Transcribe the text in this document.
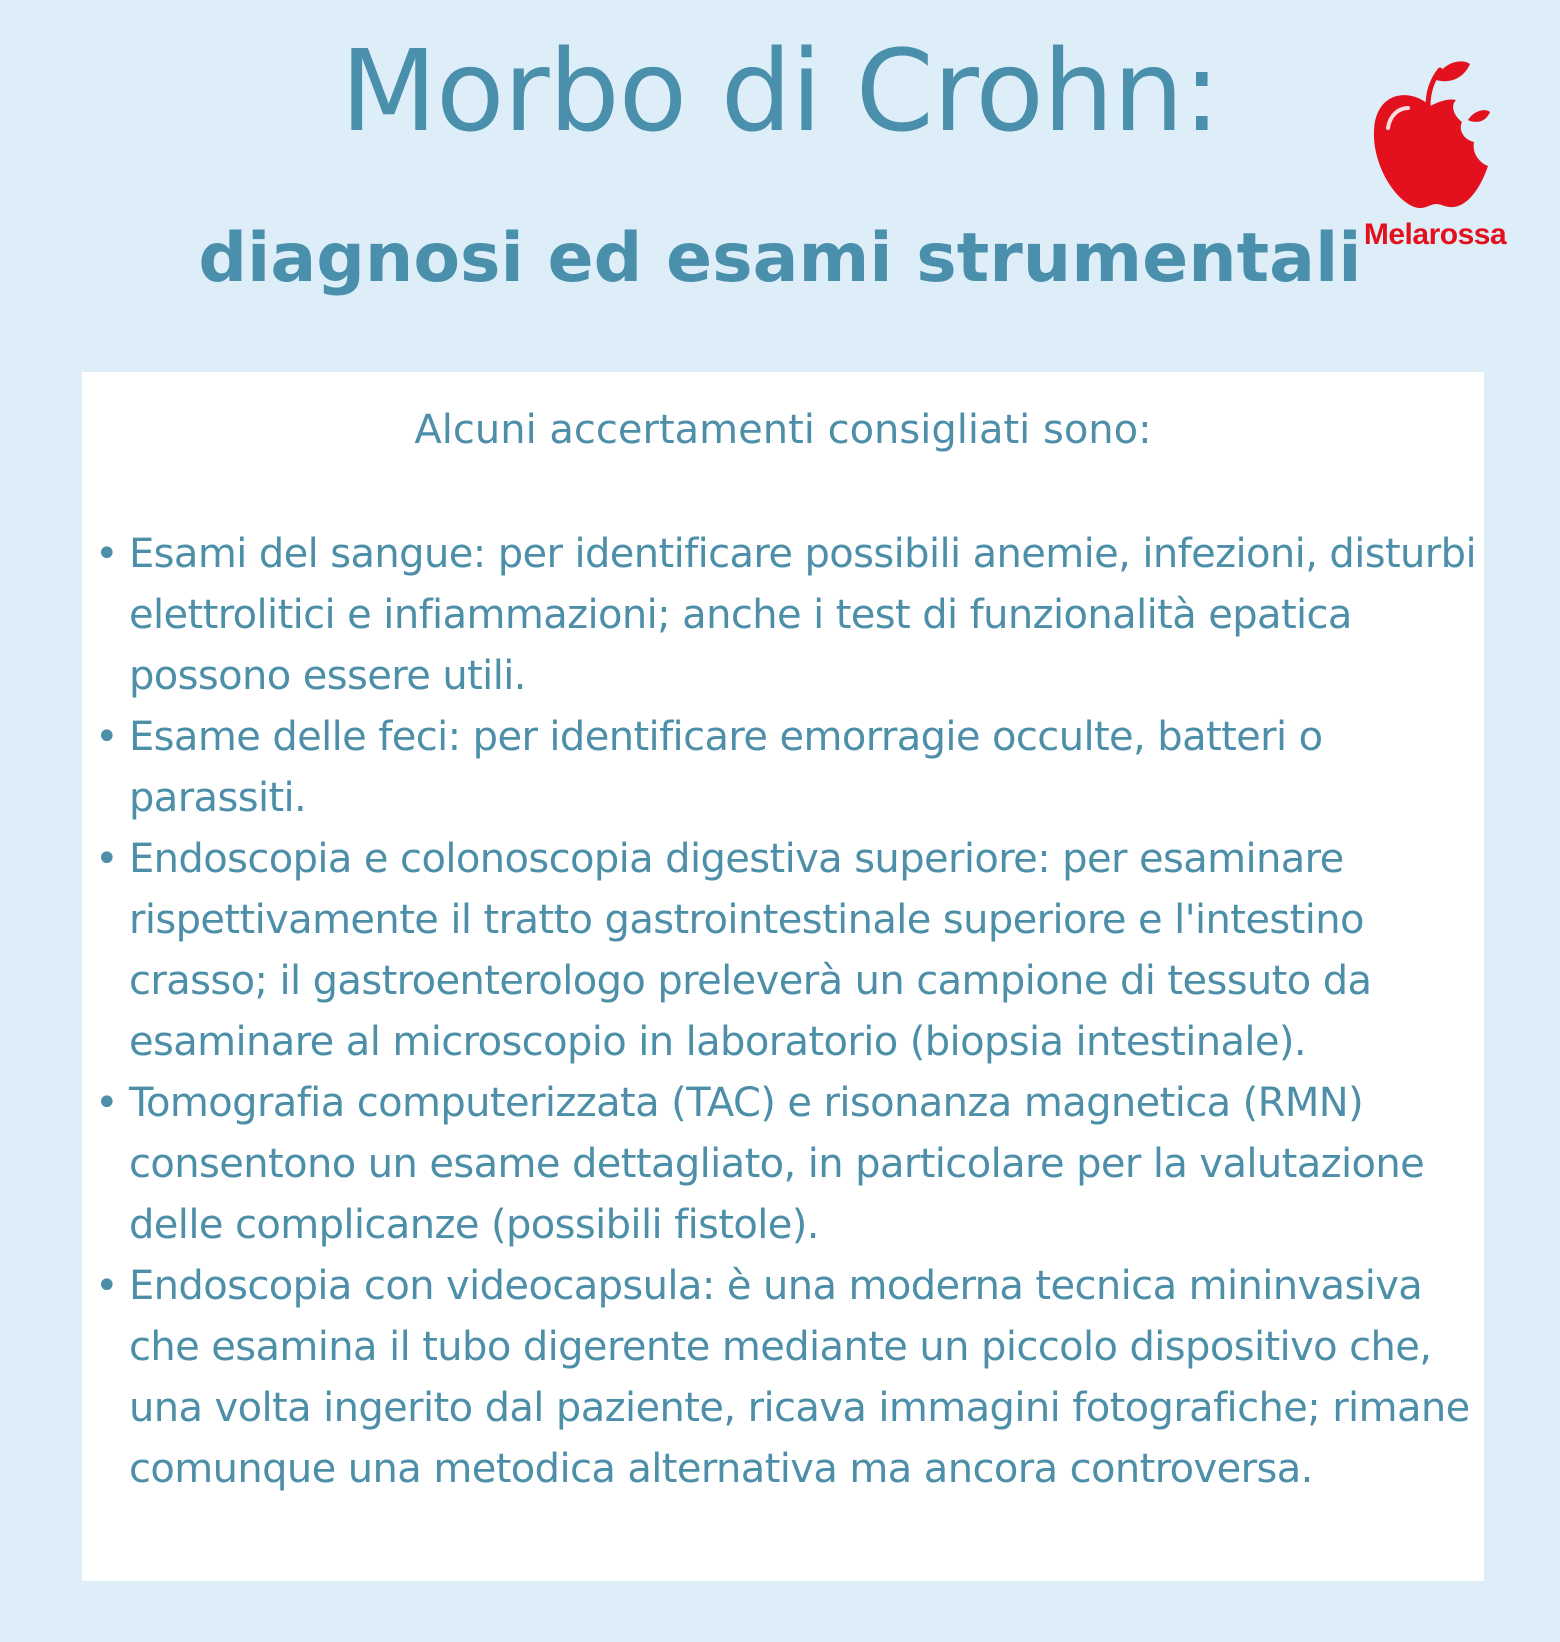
Morbo di Crohn:
diagnosi ed esami strumentali Melarossa
Alcuni accertamenti consigliati sono:
• Esami del sangue: per identificare possibili anemie, infezioni, disturbi elettrolitici e infiammazioni; anche i test di funzionalità epatica possono essere utili.
• Esame delle feci: per identificare emorragie occulte, batteri o parassiti.
• Endoscopia e colonoscopia digestiva superiore: per esaminare rispettivamente il tratto gastrointestinale superiore e l'intestino crasso; il gastroenterologo preleverà un campione di tessuto da esaminare al microscopio in laboratorio (biopsia intestinale).
• Tomografia computerizzata (TAC) e risonanza magnetica (RMN) consentono un esame dettagliato, in particolare per la valutazione delle complicanze (possibili fistole).
• Endoscopia con videocapsula: è una moderna tecnica mininvasiva che esamina il tubo digerente mediante un piccolo dispositivo che, una volta ingerito dal paziente, ricava immagini fotografiche; rimane comunque una metodica alternativa ma ancora controversa.
